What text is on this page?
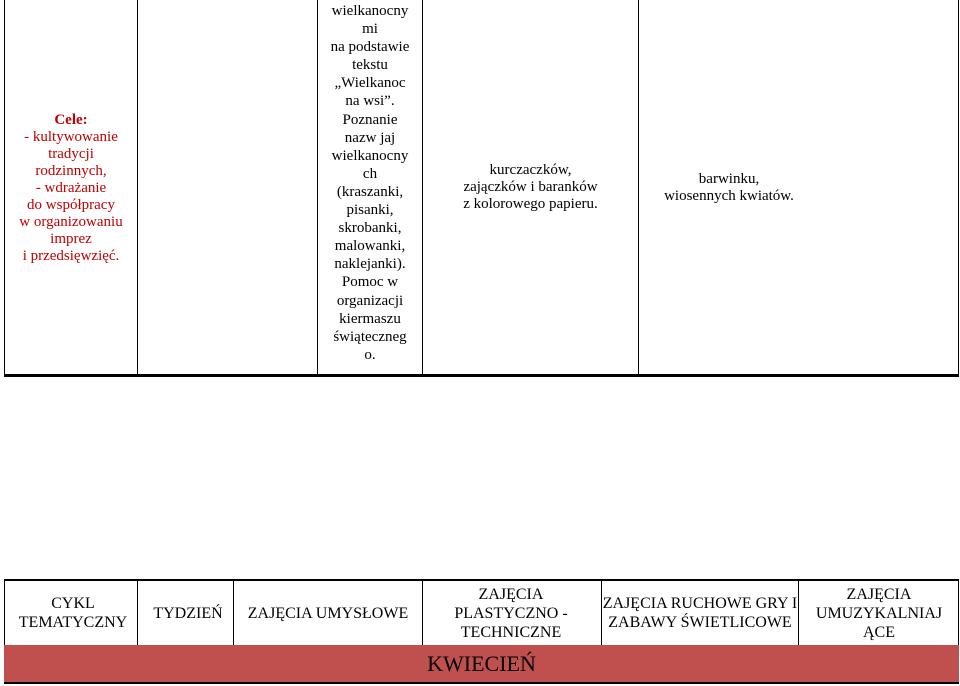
Cele:
- kultywowanie
tradycji
rodzinnych,
- wdrażanie
do współpracy
w organizowaniu
imprez
i przedsięwzięć.
wielkanocny
mi
na podstawie
tekstu
„Wielkanoc
na wsi”.
Poznanie
nazw jaj
wielkanocny
ch
(kraszanki,
pisanki,
skrobanki,
malowanki,
naklejanki).
Pomoc w
organizacji
kiermaszu
świąteczneg
o.
kurczaczków,
zajączków i baranków
z kolorowego papieru.
barwinku,
wiosennych kwiatów.
CYKL TEMATYCZNY
TYDZIEŃ	ZAJĘCIA UMYSŁOWE
ZAJĘCIA PLASTYCZNO - TECHNICZNE
ZAJĘCIA RUCHOWE GRY I ZABAWY ŚWIETLICOWE
ZAJĘCIA UMUZYKALNIAJ ĄCE
KWIECIEŃ
